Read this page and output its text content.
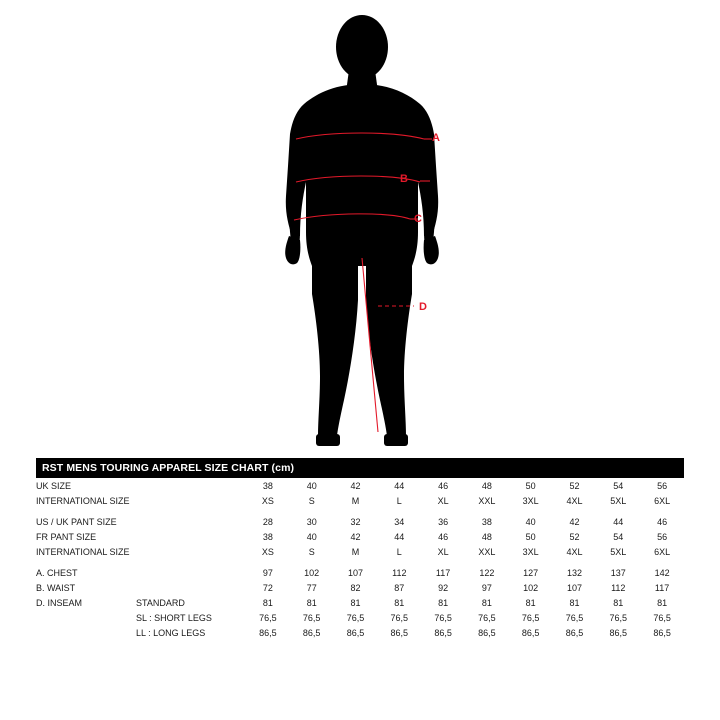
A
B
C
D
RST MENS TOURING APPAREL SIZE CHART (cm)
UK SIZE		38	40	42	44	46	48	50	52	54	56
INTERNATIONAL SIZE		XS	S	M	L	XL	XXL	3XL	4XL	5XL	6XL

US / UK PANT SIZE		28	30	32	34	36	38	40	42	44	46
FR PANT SIZE		38	40	42	44	46	48	50	52	54	56
INTERNATIONAL SIZE		XS	S	M	L	XL	XXL	3XL	4XL	5XL	6XL

A. CHEST		97	102	107	112	117	122	127	132	137	142
B. WAIST		72	77	82	87	92	97	102	107	112	117
D. INSEAM	STANDARD	81	81	81	81	81	81	81	81	81	81
	SL : SHORT LEGS	76,5	76,5	76,5	76,5	76,5	76,5	76,5	76,5	76,5	76,5
	LL : LONG LEGS	86,5	86,5	86,5	86,5	86,5	86,5	86,5	86,5	86,5	86,5
